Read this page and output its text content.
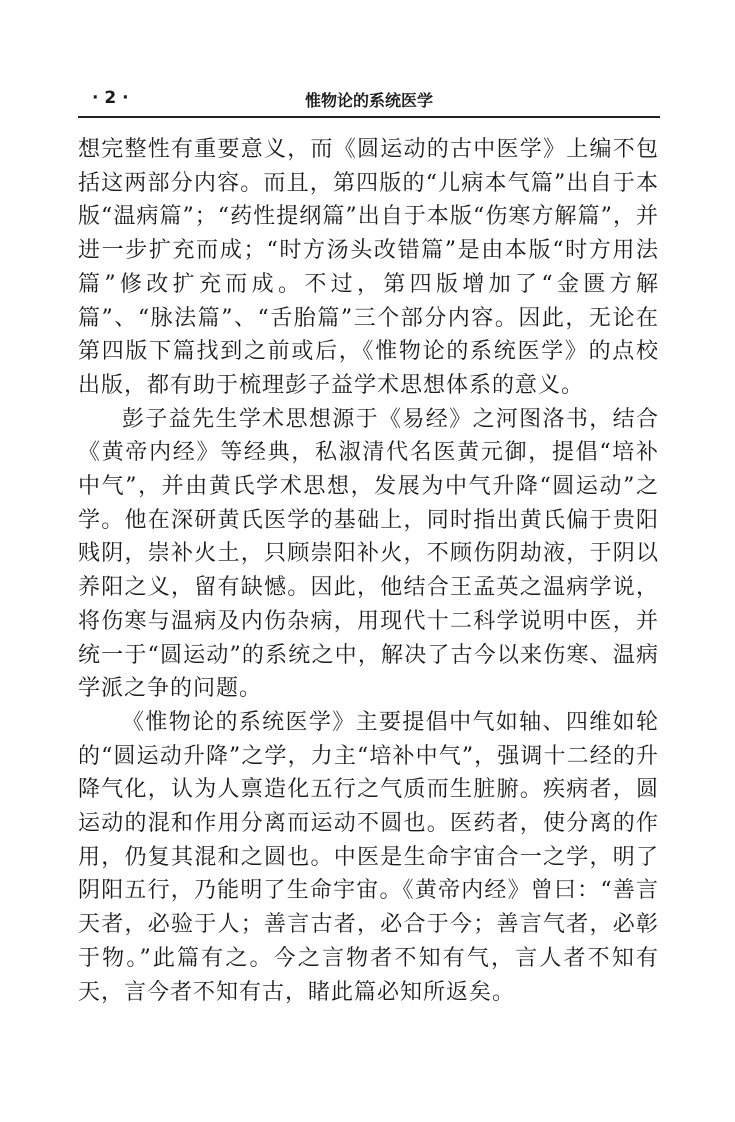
· 2 ·	惟物论的系统医学

想完整性有重要意义，而《圆运动的古中医学》上编不包括这两部分内容。而且，第四版的“儿病本气篇”出自于本版“温病篇”；“药性提纲篇”出自于本版“伤寒方解篇”，并进一步扩充而成；“时方汤头改错篇”是由本版“时方用法篇”修改扩充而成。不过，第四版增加了“金匮方解篇”、“脉法篇”、“舌胎篇”三个部分内容。因此，无论在第四版下篇找到之前或后，《惟物论的系统医学》的点校出版，都有助于梳理彭子益学术思想体系的意义。

彭子益先生学术思想源于《易经》之河图洛书，结合《黄帝内经》等经典，私淑清代名医黄元御，提倡“培补中气”，并由黄氏学术思想，发展为中气升降“圆运动”之学。他在深研黄氏医学的基础上，同时指出黄氏偏于贵阳贱阴，崇补火土，只顾崇阳补火，不顾伤阴劫液，于阴以养阳之义，留有缺憾。因此，他结合王孟英之温病学说，将伤寒与温病及内伤杂病，用现代十二科学说明中医，并统一于“圆运动”的系统之中，解决了古今以来伤寒、温病学派之争的问题。

《惟物论的系统医学》主要提倡中气如轴、四维如轮的“圆运动升降”之学，力主“培补中气”，强调十二经的升降气化，认为人禀造化五行之气质而生脏腑。疾病者，圆运动的混和作用分离而运动不圆也。医药者，使分离的作用，仍复其混和之圆也。中医是生命宇宙合一之学，明了阴阳五行，乃能明了生命宇宙。《黄帝内经》曾曰：“善言天者，必验于人；善言古者，必合于今；善言气者，必彰于物。”此篇有之。今之言物者不知有气，言人者不知有天，言今者不知有古，睹此篇必知所返矣。
